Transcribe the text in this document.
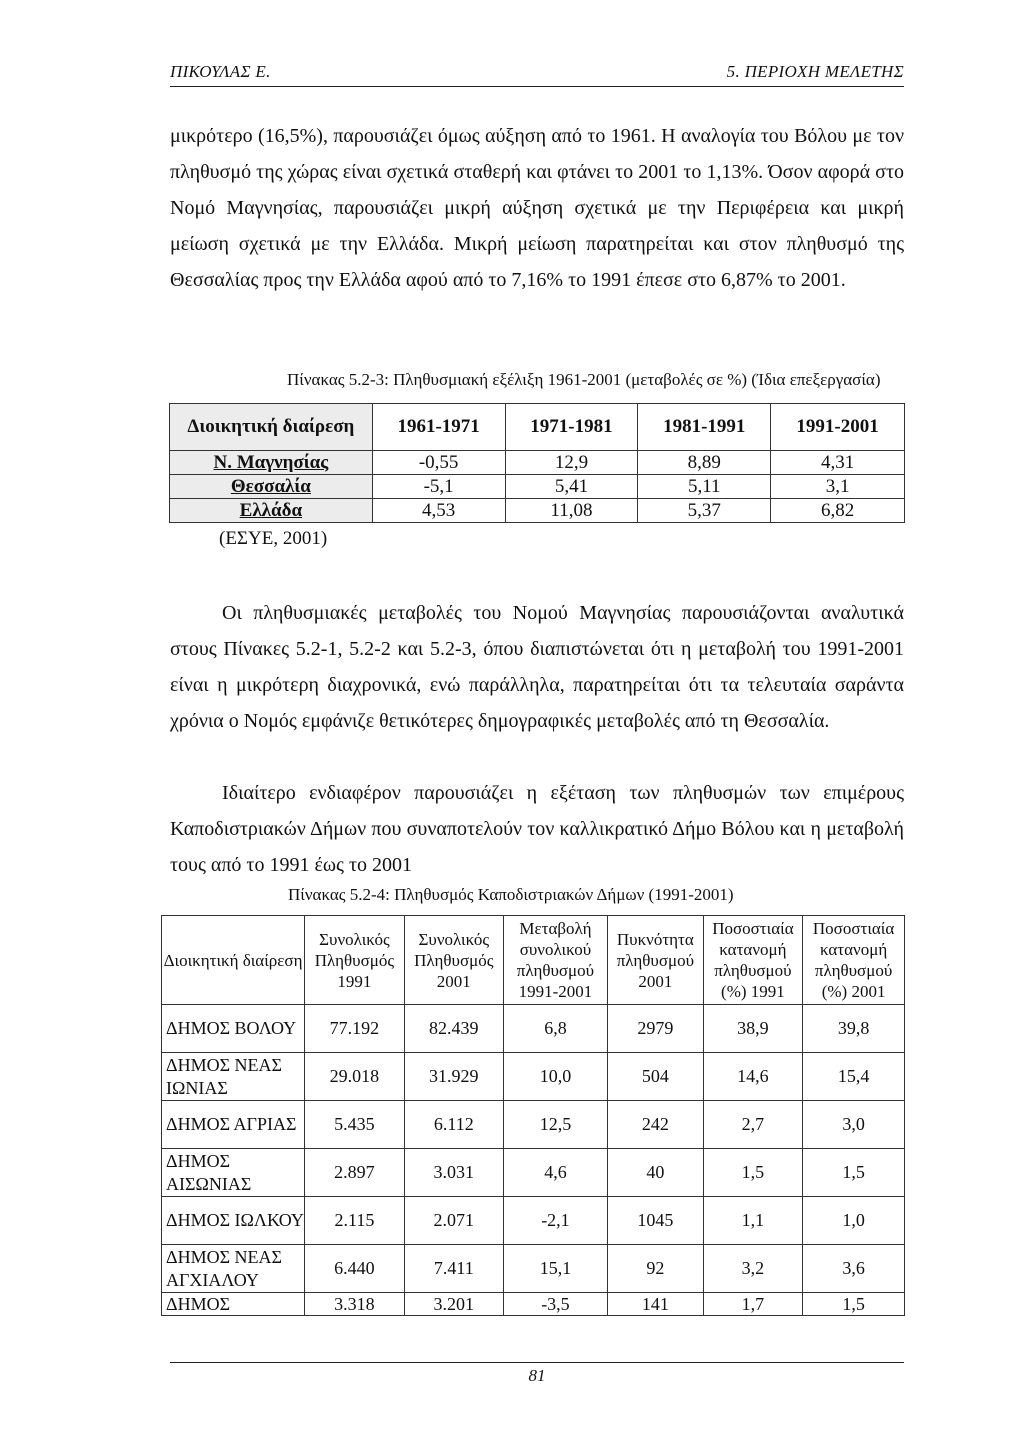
ΠΙΚΟΥΛΑΣ Ε.	5. ΠΕΡΙΟΧΗ ΜΕΛΕΤΗΣ

μικρότερο (16,5%), παρουσιάζει όμως αύξηση από το 1961. Η αναλογία του Βόλου με τον πληθυσμό της χώρας είναι σχετικά σταθερή και φτάνει το 2001 το 1,13%. Όσον αφορά στο Νομό Μαγνησίας, παρουσιάζει μικρή αύξηση σχετικά με την Περιφέρεια και μικρή μείωση σχετικά με την Ελλάδα. Μικρή μείωση παρατηρείται και στον πληθυσμό της Θεσσαλίας προς την Ελλάδα αφού από το 7,16% το 1991 έπεσε στο 6,87% το 2001.

Πίνακας 5.2-3: Πληθυσμιακή εξέλιξη 1961-2001 (μεταβολές σε %) (Ίδια επεξεργασία)
Διοικητική διαίρεση	1961-1971	1971-1981	1981-1991	1991-2001
Ν. Μαγνησίας	-0,55	12,9	8,89	4,31
Θεσσαλία	-5,1	5,41	5,11	3,1
Ελλάδα	4,53	11,08	5,37	6,82
(ΕΣΥΕ, 2001)

Οι πληθυσμιακές μεταβολές του Νομού Μαγνησίας παρουσιάζονται αναλυτικά στους Πίνακες 5.2-1, 5.2-2 και 5.2-3, όπου διαπιστώνεται ότι η μεταβολή του 1991-2001 είναι η μικρότερη διαχρονικά, ενώ παράλληλα, παρατηρείται ότι τα τελευταία σαράντα χρόνια ο Νομός εμφάνιζε θετικότερες δημογραφικές μεταβολές από τη Θεσσαλία.

Ιδιαίτερο ενδιαφέρον παρουσιάζει η εξέταση των πληθυσμών των επιμέρους Καποδιστριακών Δήμων που συναποτελούν τον καλλικρατικό Δήμο Βόλου και η μεταβολή τους από το 1991 έως το 2001

Πίνακας 5.2-4: Πληθυσμός Καποδιστριακών Δήμων (1991-2001)
Διοικητική διαίρεση	Συνολικός Πληθυσμός 1991	Συνολικός Πληθυσμός 2001	Μεταβολή συνολικού πληθυσμού 1991-2001	Πυκνότητα πληθυσμού 2001	Ποσοστιαία κατανομή πληθυσμού (%) 1991	Ποσοστιαία κατανομή πληθυσμού (%) 2001
ΔΗΜΟΣ ΒΟΛΟΥ	77.192	82.439	6,8	2979	38,9	39,8
ΔΗΜΟΣ ΝΕΑΣ ΙΩΝΙΑΣ	29.018	31.929	10,0	504	14,6	15,4
ΔΗΜΟΣ ΑΓΡΙΑΣ	5.435	6.112	12,5	242	2,7	3,0
ΔΗΜΟΣ ΑΙΣΩΝΙΑΣ	2.897	3.031	4,6	40	1,5	1,5
ΔΗΜΟΣ ΙΩΛΚΟΥ	2.115	2.071	-2,1	1045	1,1	1,0
ΔΗΜΟΣ ΝΕΑΣ ΑΓΧΙΑΛΟΥ	6.440	7.411	15,1	92	3,2	3,6
ΔΗΜΟΣ	3.318	3.201	-3,5	141	1,7	1,5
81
